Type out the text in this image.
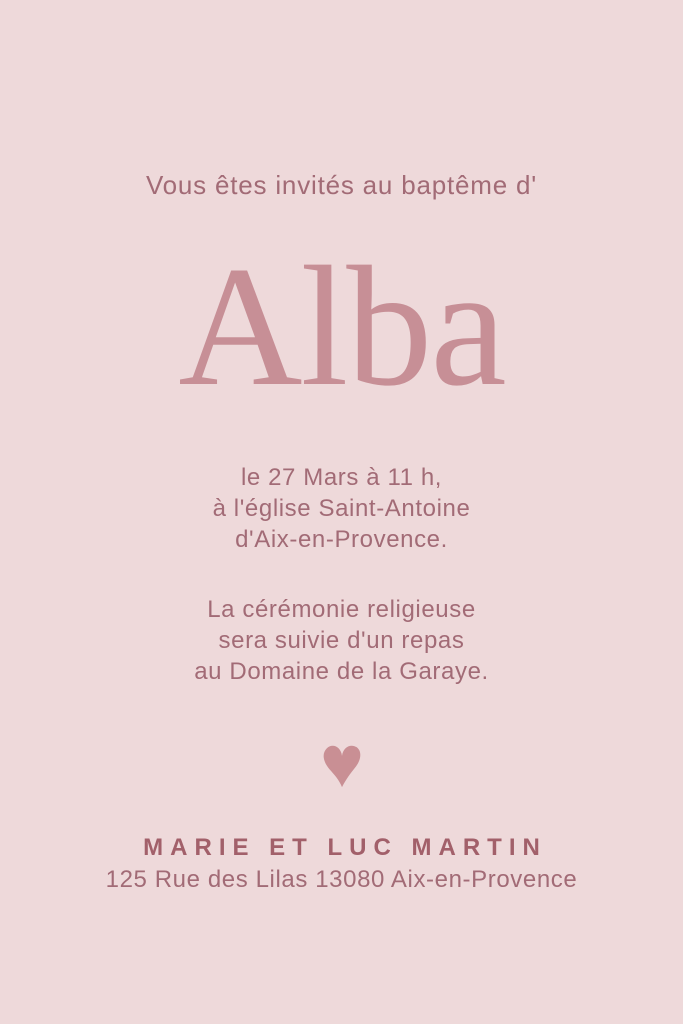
Vous êtes invités au baptême d'
Alba
le 27 Mars à 11 h,
à l'église Saint-Antoine
d'Aix-en-Provence.
La cérémonie religieuse
sera suivie d'un repas
au Domaine de la Garaye.
MARIE ET LUC MARTIN
125 Rue des Lilas 13080 Aix-en-Provence
